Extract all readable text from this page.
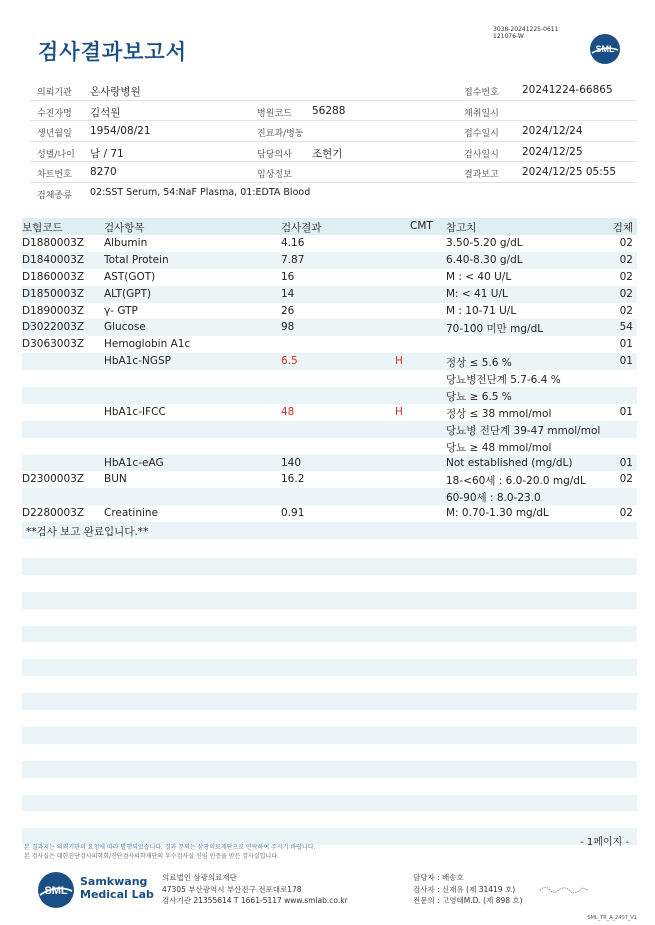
검사결과보고서
3038-20241225-0611
121076-W
SML
의뢰기관 온사랑병원	접수번호 20241224-66865
수진자명 김석원	병원코드 56288	채취일시
생년월일 1954/08/21	진료과/병동	접수일시 2024/12/24
성별/나이 남 / 71	담당의사 조현기	검사일시 2024/12/25
차트번호 8270	임상정보	결과보고 2024/12/25 05:55
검체종류 02:SST Serum, 54:NaF Plasma, 01:EDTA Blood
보험코드	검사항목	검사결과	CMT 참고치	검체
D1880003Z Albumin	4.16	3.50-5.20 g/dL	02
D1840003Z Total Protein	7.87	6.40-8.30 g/dL	02
D1860003Z AST(GOT)	16	M : < 40 U/L	02
D1850003Z ALT(GPT)	14	M: < 41 U/L	02
D1890003Z γ- GTP	26	M : 10-71 U/L	02
D3022003Z Glucose	98	70-100 미만 mg/dL	54
D3063003Z Hemoglobin A1c	01
HbA1c-NGSP	6.5	H	정상 ≤ 5.6 %	01
당뇨병전단계 5.7-6.4 %
당뇨 ≥ 6.5 %
HbA1c-IFCC	48	H	정상 ≤ 38 mmol/mol	01
당뇨병 전단계 39-47 mmol/mol
당뇨 ≥ 48 mmol/mol
HbA1c-eAG	140	Not established (mg/dL)	01
D2300003Z BUN	16.2	18-<60세 : 6.0-20.0 mg/dL	02
60-90세 : 8.0-23.0
D2280003Z Creatinine	0.91	M: 0.70-1.30 mg/dL	02
**검사 보고 완료입니다.**
- 1페이지 -
본 결과지는 의뢰기관의 요청에 따라 발행되었습니다. 결과 문의는 삼광의료재단으로 연락하여 주시기 바랍니다.
본 검사실은 대한진단검사의학회/진단검사의학재단의 우수검사실 신임 인증을 받은 검사실입니다.
SML
Samkwang
Medical Lab
의료법인 삼광의료재단
47305 부산광역시 부산진구 전포대로178
검사기관 21355614 T 1661-5117 www.smlab.co.kr
담당자 : 배송호
검사자 : 신재유 (제 31419 호)
전문의 : 고영태M.D. (제 898 호)
SML_TR_A_2407_V1
